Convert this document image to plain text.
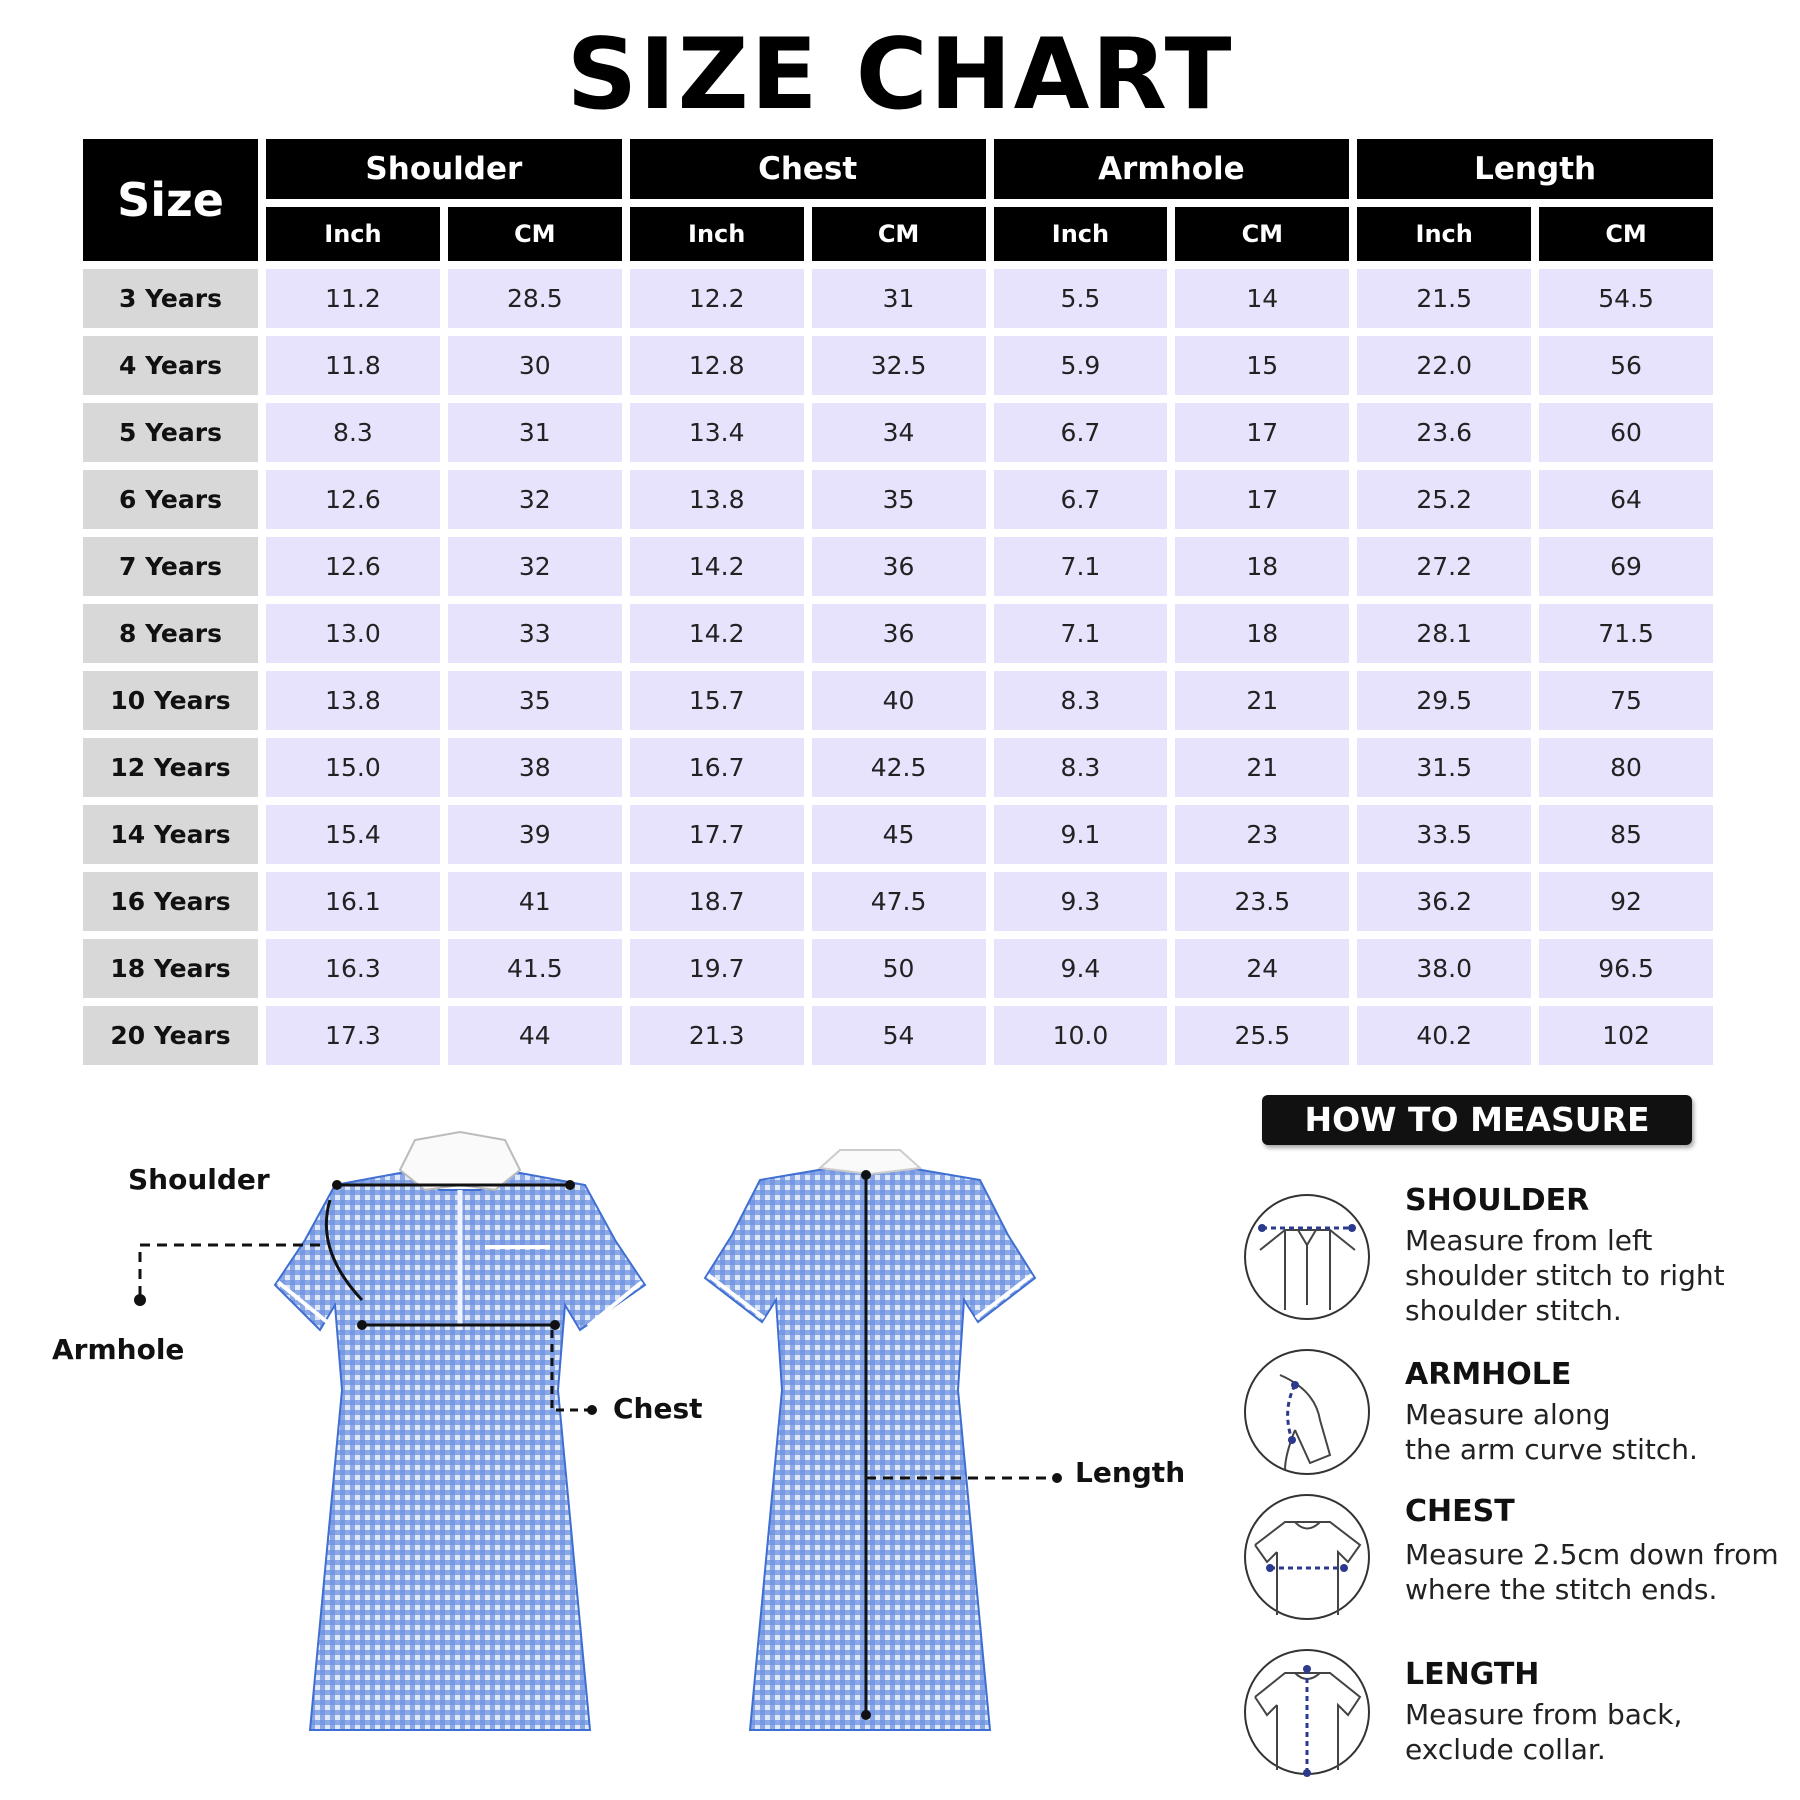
SIZE CHART
Size	Shoulder		Chest		Armhole		Length	
	Inch	CM	Inch	CM	Inch	CM	Inch	CM
3 Years	11.2	28.5	12.2	31	5.5	14	21.5	54.5
4 Years	11.8	30	12.8	32.5	5.9	15	22.0	56
5 Years	8.3	31	13.4	34	6.7	17	23.6	60
6 Years	12.6	32	13.8	35	6.7	17	25.2	64
7 Years	12.6	32	14.2	36	7.1	18	27.2	69
8 Years	13.0	33	14.2	36	7.1	18	28.1	71.5
10 Years	13.8	35	15.7	40	8.3	21	29.5	75
12 Years	15.0	38	16.7	42.5	8.3	21	31.5	80
14 Years	15.4	39	17.7	45	9.1	23	33.5	85
16 Years	16.1	41	18.7	47.5	9.3	23.5	36.2	92
18 Years	16.3	41.5	19.7	50	9.4	24	38.0	96.5
20 Years	17.3	44	21.3	54	10.0	25.5	40.2	102
Shoulder
Armhole
Chest
Length
HOW TO MEASURE
SHOULDER
Measure from left
shoulder stitch to right
shoulder stitch.
ARMHOLE
Measure along
the arm curve stitch.
CHEST
Measure 2.5cm down from
where the stitch ends.
LENGTH
Measure from back,
exclude collar.
